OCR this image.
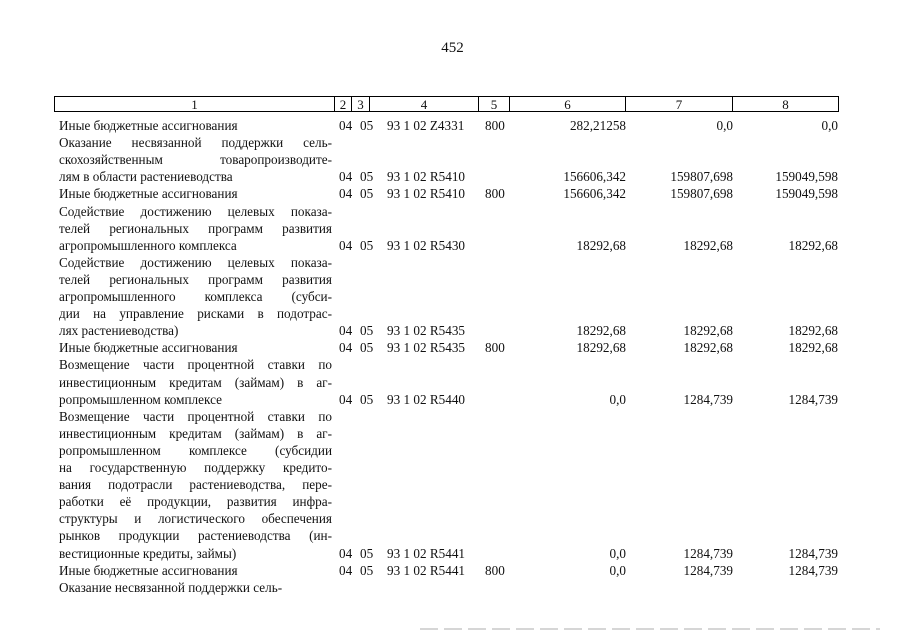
452
1	2 3	4	5	6	7	8
Иные бюджетные ассигнования	04 05 93 1 02 Z4331 800	282,21258	0,0	0,0
Оказание несвязанной поддержки сель-
скохозяйственным товаропроизводите-
лям в области растениеводства	04 05 93 1 02 R5410	156606,342	159807,698	159049,598
Иные бюджетные ассигнования	04 05 93 1 02 R5410 800	156606,342	159807,698	159049,598
Содействие достижению целевых показа-
телей региональных программ развития
агропромышленного комплекса	04 05 93 1 02 R5430	18292,68	18292,68	18292,68
Содействие достижению целевых показа-
телей региональных программ развития
агропромышленного комплекса (субси-
дии на управление рисками в подотрас-
лях растениеводства)	04 05 93 1 02 R5435	18292,68	18292,68	18292,68
Иные бюджетные ассигнования	04 05 93 1 02 R5435 800	18292,68	18292,68	18292,68
Возмещение части процентной ставки по
инвестиционным кредитам (займам) в аг-
ропромышленном комплексе	04 05 93 1 02 R5440	0,0	1284,739	1284,739
Возмещение части процентной ставки по
инвестиционным кредитам (займам) в аг-
ропромышленном комплексе (субсидии
на государственную поддержку кредито-
вания подотрасли растениеводства, пере-
работки её продукции, развития инфра-
структуры и логистического обеспечения
рынков продукции растениеводства (ин-
вестиционные кредиты, займы)	04 05 93 1 02 R5441	0,0	1284,739	1284,739
Иные бюджетные ассигнования	04 05 93 1 02 R5441 800	0,0	1284,739	1284,739
Оказание несвязанной поддержки сель-
